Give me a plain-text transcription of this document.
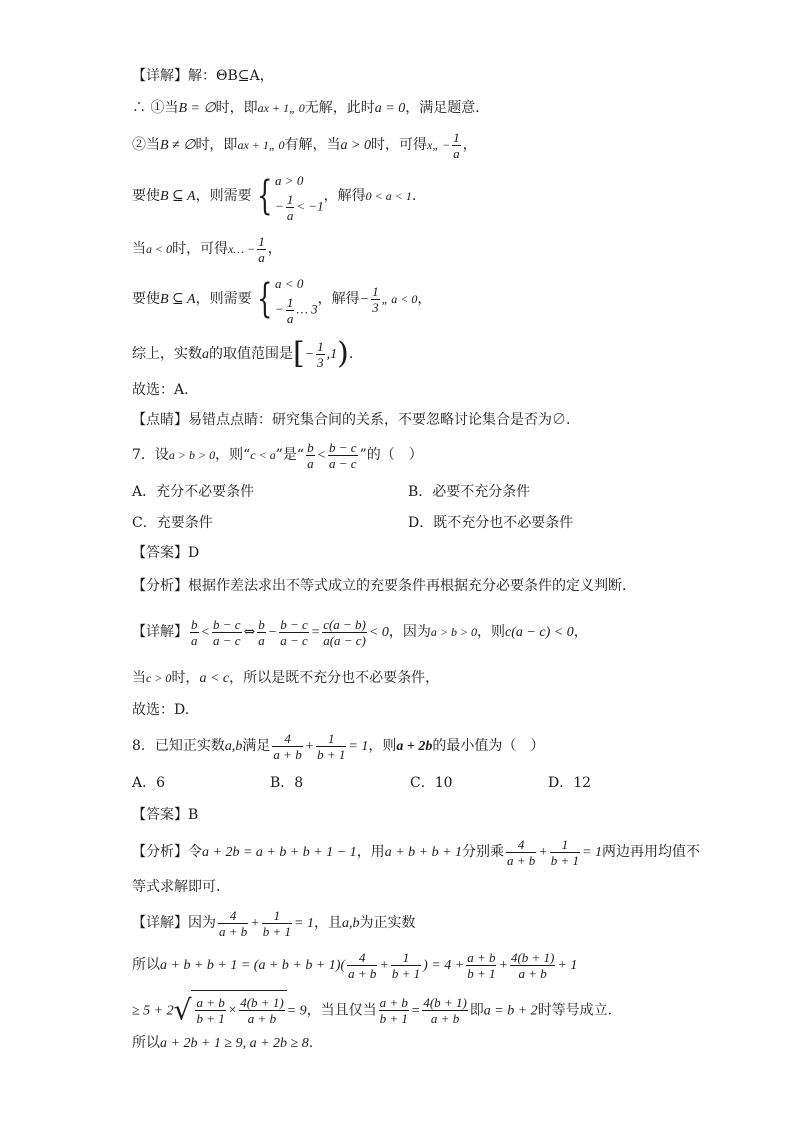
【详解】解：ΘB⊆A，
∴ ①当B = ∅时，即ax + 1„ 0无解，此时a = 0，满足题意.
②当B ≠ ∅时，即ax + 1„ 0有解，当a > 0时，可得x„ − $\frac{1}{a}$ ，
要使B ⊆ A，则需要 { a > 0
− $\frac{1}{a} < -1$
，解得0 < a < 1.
当a < 0时，可得x… − $\frac{1}{a}$ ，
要使B ⊆ A，则需要 { a < 0
− $\frac{1}{a}$ … 3
，解得− $\frac{1}{3}$ „ a < 0，
综上，实数a的取值范围是[− $\frac{1}{3} ,1$).
故选：A.
【点睛】易错点点睛：研究集合间的关系，不要忽略讨论集合是否为∅.
7．设a > b > 0，则“c < a”是“ $\frac{b}{a} < \frac{b - c}{a - c}$ ”的（　）
A．充分不必要条件	B．必要不充分条件
C．充要条件	D．既不充分也不必要条件
【答案】D
【分析】根据作差法求出不等式成立的充要条件再根据充分必要条件的定义判断．
【详解】 $\frac{b}{a} < \frac{b - c}{a - c}$ ⇔ $\frac{b}{a} - \frac{b - c}{a - c} = \frac{c(a - b)}{a(a - c)} < 0$，因为a > b > 0，则c(a − c) < 0，
当c > 0时，a < c，所以是既不充分也不必要条件，
故选：D.
8．已知正实数a,b满足 $\frac{4}{a + b} + \frac{1}{b + 1} = 1$，则a + 2b的最小值为（　）
A．6	B．8	C．10	D．12
【答案】B
【分析】令a + 2b = a + b + b + 1 − 1，用a + b + b + 1分别乘 $\frac{4}{a + b} + \frac{1}{b + 1} = 1$两边再用均值不
等式求解即可.
【详解】因为 $\frac{4}{a + b} + \frac{1}{b + 1} = 1$，且a,b为正实数
所以$a + b + b + 1 = (a + b + b + 1)( \frac{4}{a + b} + \frac{1}{b + 1}$ ) = $4 + \frac{a + b}{b + 1} + \frac{4(b + 1)}{a + b} + 1$
≥ $5 + 2√ \frac{a + b}{b + 1} \times \frac{4(b + 1)}{a + b} = 9$，当且仅当 $\frac{a + b}{b + 1} = \frac{4(b + 1)}{a + b}$ 即a = b + 2时等号成立.
所以a + 2b + 1 ≥ 9, a + 2b ≥ 8.
